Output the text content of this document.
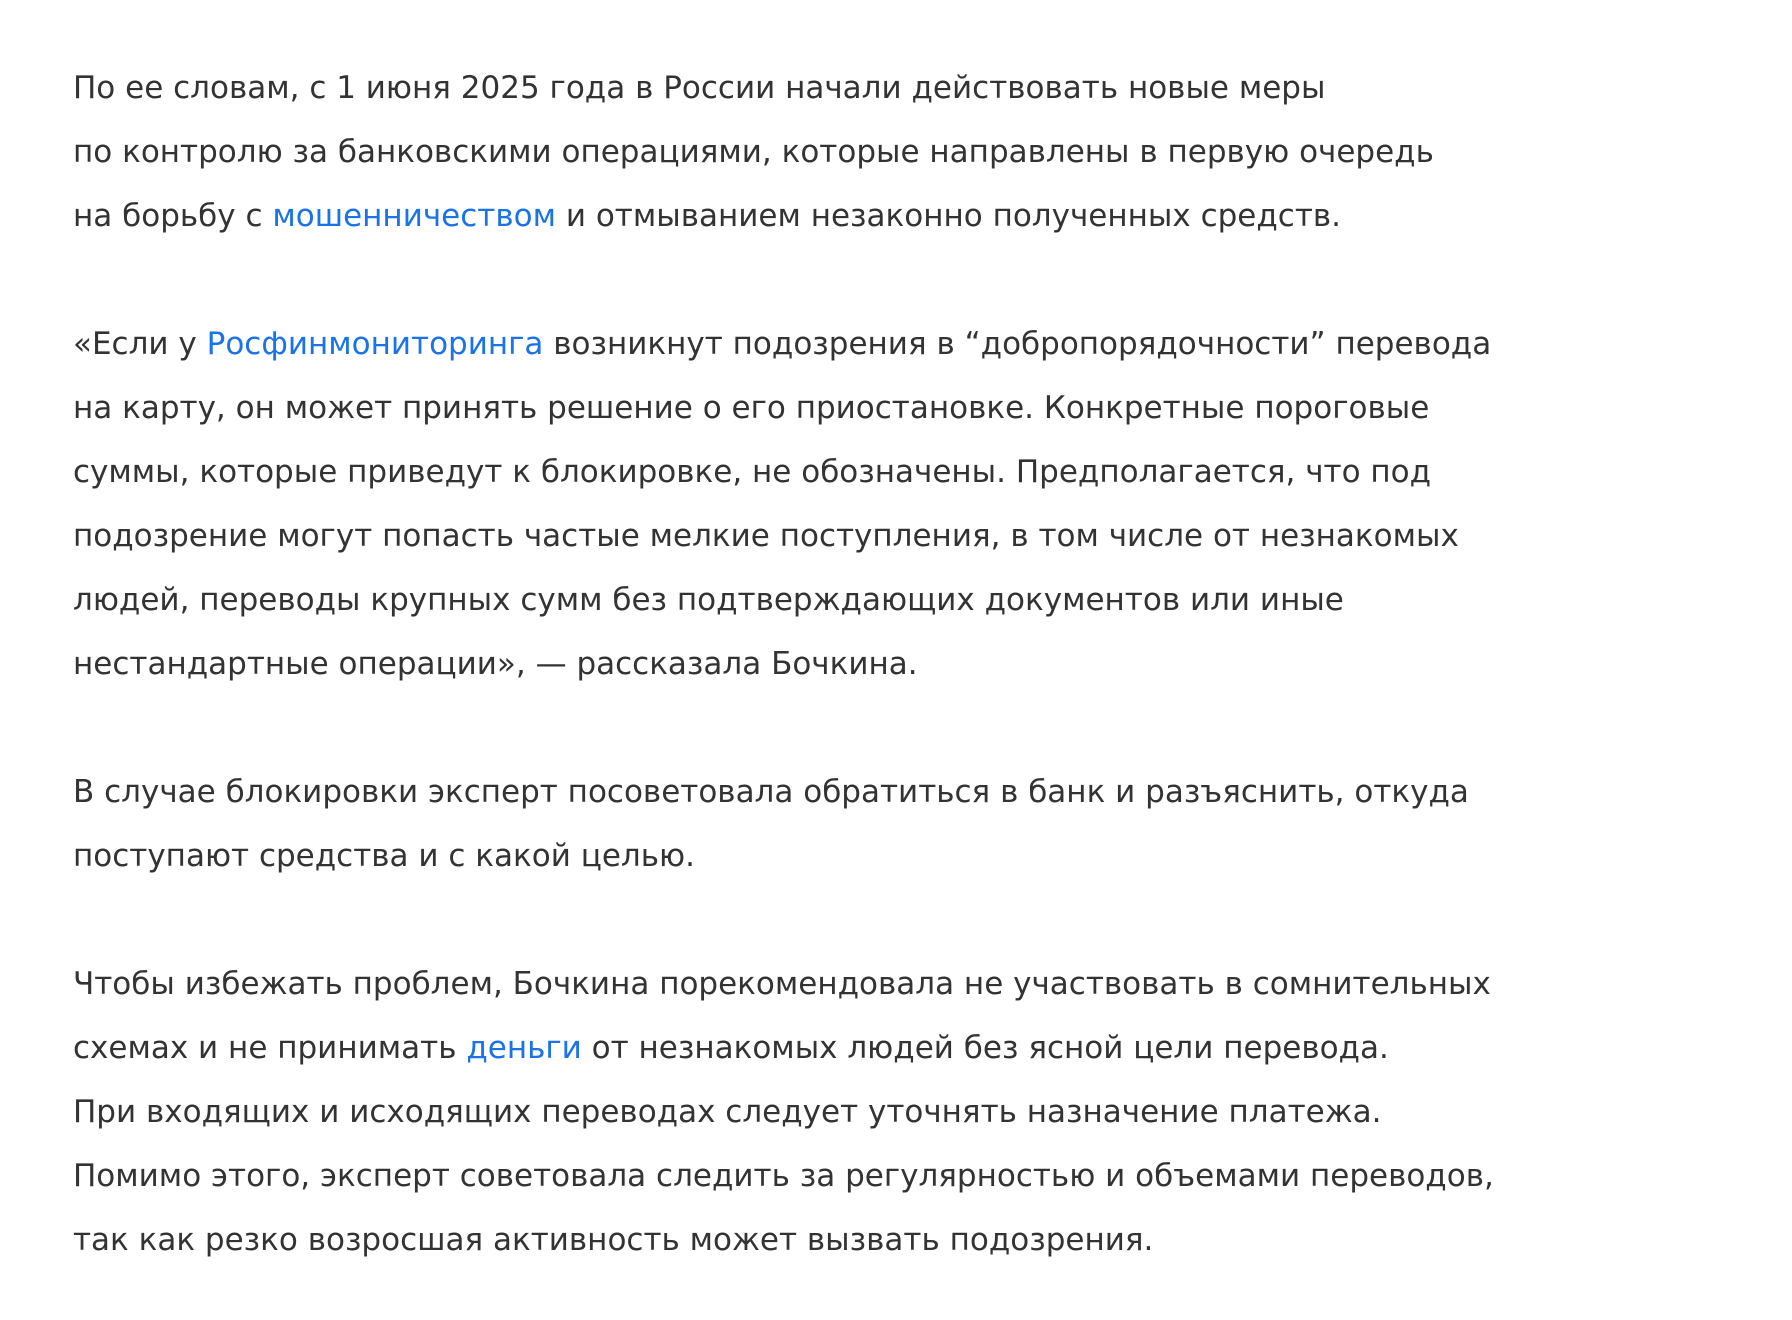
По ее словам, с 1 июня 2025 года в России начали действовать новые меры
по контролю за банковскими операциями, которые направлены в первую очередь
на борьбу с мошенничеством и отмыванием незаконно полученных средств.

«Если у Росфинмониторинга возникнут подозрения в “добропорядочности” перевода
на карту, он может принять решение о его приостановке. Конкретные пороговые
суммы, которые приведут к блокировке, не обозначены. Предполагается, что под
подозрение могут попасть частые мелкие поступления, в том числе от незнакомых
людей, переводы крупных сумм без подтверждающих документов или иные
нестандартные операции», — рассказала Бочкина.

В случае блокировки эксперт посоветовала обратиться в банк и разъяснить, откуда
поступают средства и с какой целью.

Чтобы избежать проблем, Бочкина порекомендовала не участвовать в сомнительных
схемах и не принимать деньги от незнакомых людей без ясной цели перевода.
При входящих и исходящих переводах следует уточнять назначение платежа.
Помимо этого, эксперт советовала следить за регулярностью и объемами переводов,
так как резко возросшая активность может вызвать подозрения.
